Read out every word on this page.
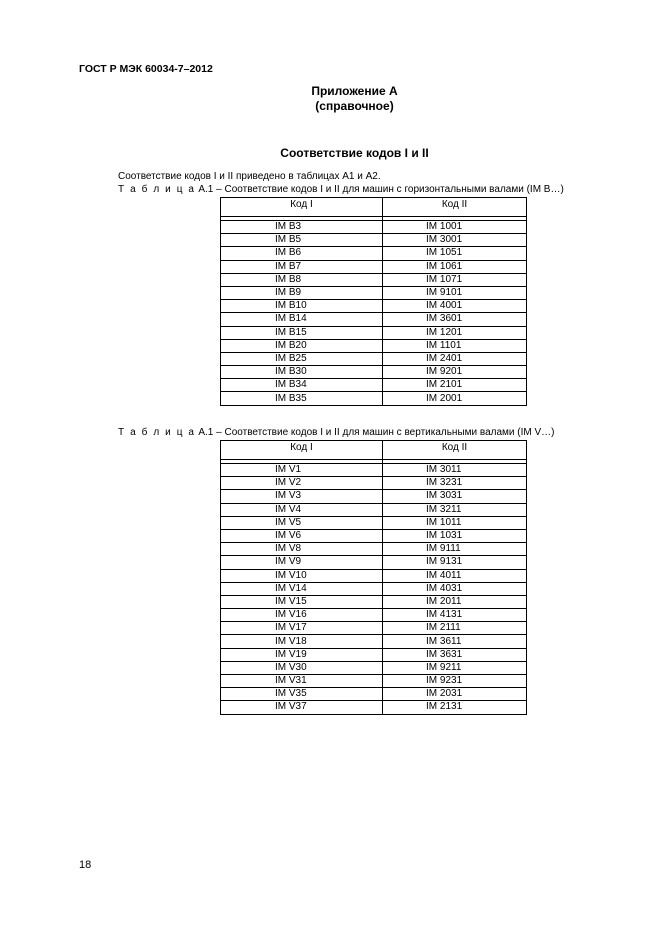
ГОСТ Р МЭК 60034-7–2012
Приложение А
(справочное)
Соответствие кодов I и II
Соответствие кодов I и II приведено в таблицах А1 и А2.
Т а б л и ц а А.1 – Соответствие кодов I и II для машин с горизонтальными валами (IM B…)
Код I	Код II

IM B3	IM 1001
IM B5	IM 3001
IM B6	IM 1051
IM B7	IM 1061
IM B8	IM 1071
IM B9	IM 9101
IM B10	IM 4001
IM B14	IM 3601
IM B15	IM 1201
IM B20	IM 1101
IM B25	IM 2401
IM B30	IM 9201
IM B34	IM 2101
IM B35	IM 2001
Т а б л и ц а А.1 – Соответствие кодов I и II для машин с вертикальными валами (IM V…)
Код I	Код II

IM V1	IM 3011
IM V2	IM 3231
IM V3	IM 3031
IM V4	IM 3211
IM V5	IM 1011
IM V6	IM 1031
IM V8	IM 9111
IM V9	IM 9131
IM V10	IM 4011
IM V14	IM 4031
IM V15	IM 2011
IM V16	IM 4131
IM V17	IM 2111
IM V18	IM 3611
IM V19	IM 3631
IM V30	IM 9211
IM V31	IM 9231
IM V35	IM 2031
IM V37	IM 2131
18
